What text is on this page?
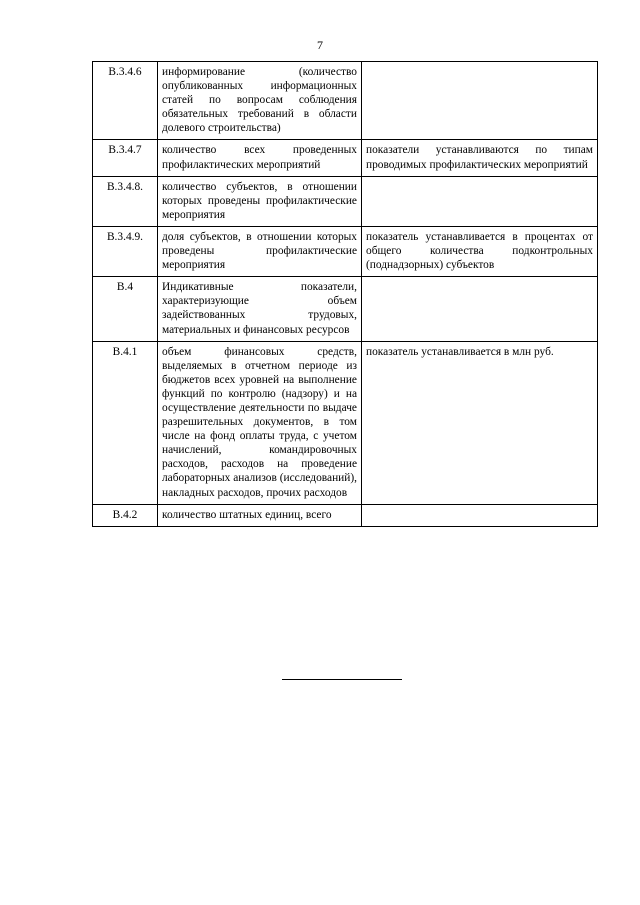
7
В.3.4.6	информирование (количество опубликованных информационных статей по вопросам соблюдения обязательных требований в области долевого строительства)	
В.3.4.7	количество всех проведенных профилактических мероприятий	показатели устанавливаются по типам проводимых профилактических мероприятий
В.3.4.8.	количество субъектов, в отношении которых проведены профилактические мероприятия	
В.3.4.9.	доля субъектов, в отношении которых проведены профилактические мероприятия	показатель устанавливается в процентах от общего количества подконтрольных (поднадзорных) субъектов
В.4	Индикативные показатели, характеризующие объем задействованных трудовых, материальных и финансовых ресурсов	
В.4.1	объем финансовых средств, выделяемых в отчетном периоде из бюджетов всех уровней на выполнение функций по контролю (надзору) и на осуществление деятельности по выдаче разрешительных документов, в том числе на фонд оплаты труда, с учетом начислений, командировочных расходов, расходов на проведение лабораторных анализов (исследований), накладных расходов, прочих расходов	показатель устанавливается в млн руб.
В.4.2	количество штатных единиц, всего	
